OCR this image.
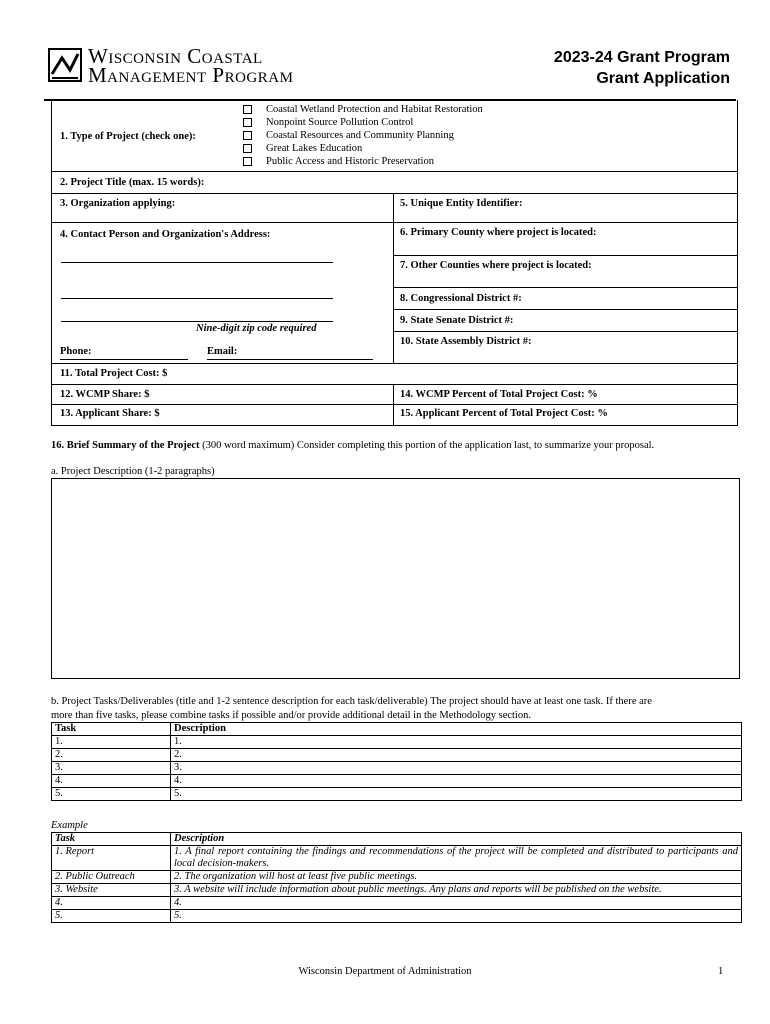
Wisconsin Coastal
Management Program
2023-24 Grant Program
Grant Application
1. Type of Project (check one):
Coastal Wetland Protection and Habitat Restoration
Nonpoint Source Pollution Control
Coastal Resources and Community Planning
Great Lakes Education
Public Access and Historic Preservation
2. Project Title (max. 15 words):
3. Organization applying:	5. Unique Entity Identifier:
4. Contact Person and Organization's Address:	6. Primary County where project is located:
7. Other Counties where project is located:
8. Congressional District #:
9. State Senate District #:
10. State Assembly District #:
Nine-digit zip code required
Phone:	Email:
11. Total Project Cost: $
12. WCMP Share: $	14. WCMP Percent of Total Project Cost: %
13. Applicant Share: $	15. Applicant Percent of Total Project Cost: %
16. Brief Summary of the Project (300 word maximum) Consider completing this portion of the application last, to summarize your proposal.
a. Project Description (1-2 paragraphs)
b. Project Tasks/Deliverables (title and 1-2 sentence description for each task/deliverable) The project should have at least one task. If there are
more than five tasks, please combine tasks if possible and/or provide additional detail in the Methodology section.
Task	Description
1.	1.
2.	2.
3.	3.
4.	4.
5.	5.
Example
Task	Description
1. Report	1. A final report containing the findings and recommendations of the project will be completed and distributed to participants and local decision-makers.
2. Public Outreach	2. The organization will host at least five public meetings.
3. Website	3. A website will include information about public meetings. Any plans and reports will be published on the website.
4.	4.
5.	5.
Wisconsin Department of Administration	1
